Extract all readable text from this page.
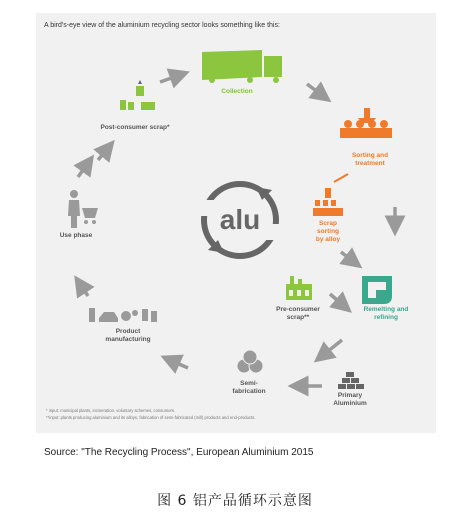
A bird's-eye view of the aluminium recycling sector looks something like this:
alu
Collection
Sorting and
treatment
Scrap
sorting
by alloy
Remelting and
refining
Pre-consumer
scrap**
Primary
Aluminium
Semi-
fabrication
Product
manufacturing
Use phase
Post-consumer scrap*
* input: municipal plants, incineration, voluntary schemes, consumers.
**input: plants producing aluminium and its alloys, fabrication of semi-fabricated (mill) products and end-products.
Source: "The Recycling Process", European Aluminium 2015
图 6 铝产品循环示意图
